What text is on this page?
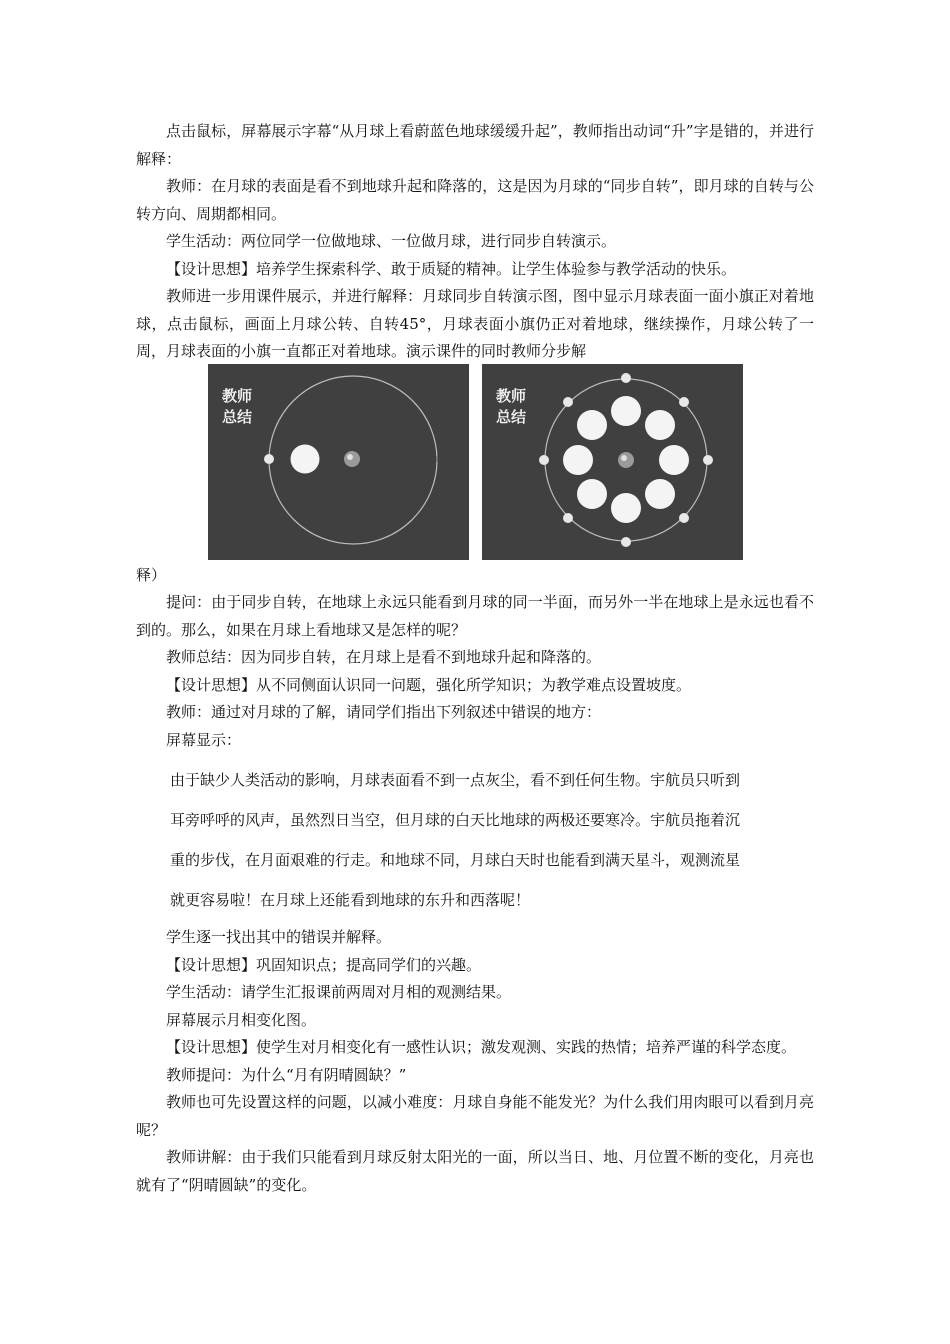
点击鼠标，屏幕展示字幕“从月球上看蔚蓝色地球缓缓升起”，教师指出动词“升”字是错的，并进行解释：

教师：在月球的表面是看不到地球升起和降落的，这是因为月球的“同步自转”，即月球的自转与公转方向、周期都相同。

学生活动：两位同学一位做地球、一位做月球，进行同步自转演示。

【设计思想】培养学生探索科学、敢于质疑的精神。让学生体验参与教学活动的快乐。

教师进一步用课件展示，并进行解释：月球同步自转演示图，图中显示月球表面一面小旗正对着地球，点击鼠标，画面上月球公转、自转45°，月球表面小旗仍正对着地球，继续操作，月球公转了一周，月球表面的小旗一直都正对着地球。演示课件的同时教师分步解

释）

提问：由于同步自转，在地球上永远只能看到月球的同一半面，而另外一半在地球上是永远也看不到的。那么，如果在月球上看地球又是怎样的呢？

教师总结：因为同步自转，在月球上是看不到地球升起和降落的。

【设计思想】从不同侧面认识同一问题，强化所学知识；为教学难点设置坡度。

教师：通过对月球的了解，请同学们指出下列叙述中错误的地方：

屏幕显示：

由于缺少人类活动的影响，月球表面看不到一点灰尘，看不到任何生物。宇航员只听到

耳旁呼呼的风声，虽然烈日当空，但月球的白天比地球的两极还要寒冷。宇航员拖着沉

重的步伐，在月面艰难的行走。和地球不同，月球白天时也能看到满天星斗，观测流星

就更容易啦！在月球上还能看到地球的东升和西落呢！

学生逐一找出其中的错误并解释。

【设计思想】巩固知识点；提高同学们的兴趣。

学生活动：请学生汇报课前两周对月相的观测结果。

屏幕展示月相变化图。

【设计思想】使学生对月相变化有一感性认识；激发观测、实践的热情；培养严谨的科学态度。

教师提问：为什么“月有阴晴圆缺？”

教师也可先设置这样的问题，以减小难度：月球自身能不能发光？为什么我们用肉眼可以看到月亮呢？

教师讲解：由于我们只能看到月球反射太阳光的一面，所以当日、地、月位置不断的变化，月亮也就有了“阴晴圆缺”的变化。

教师总结
教师总结
